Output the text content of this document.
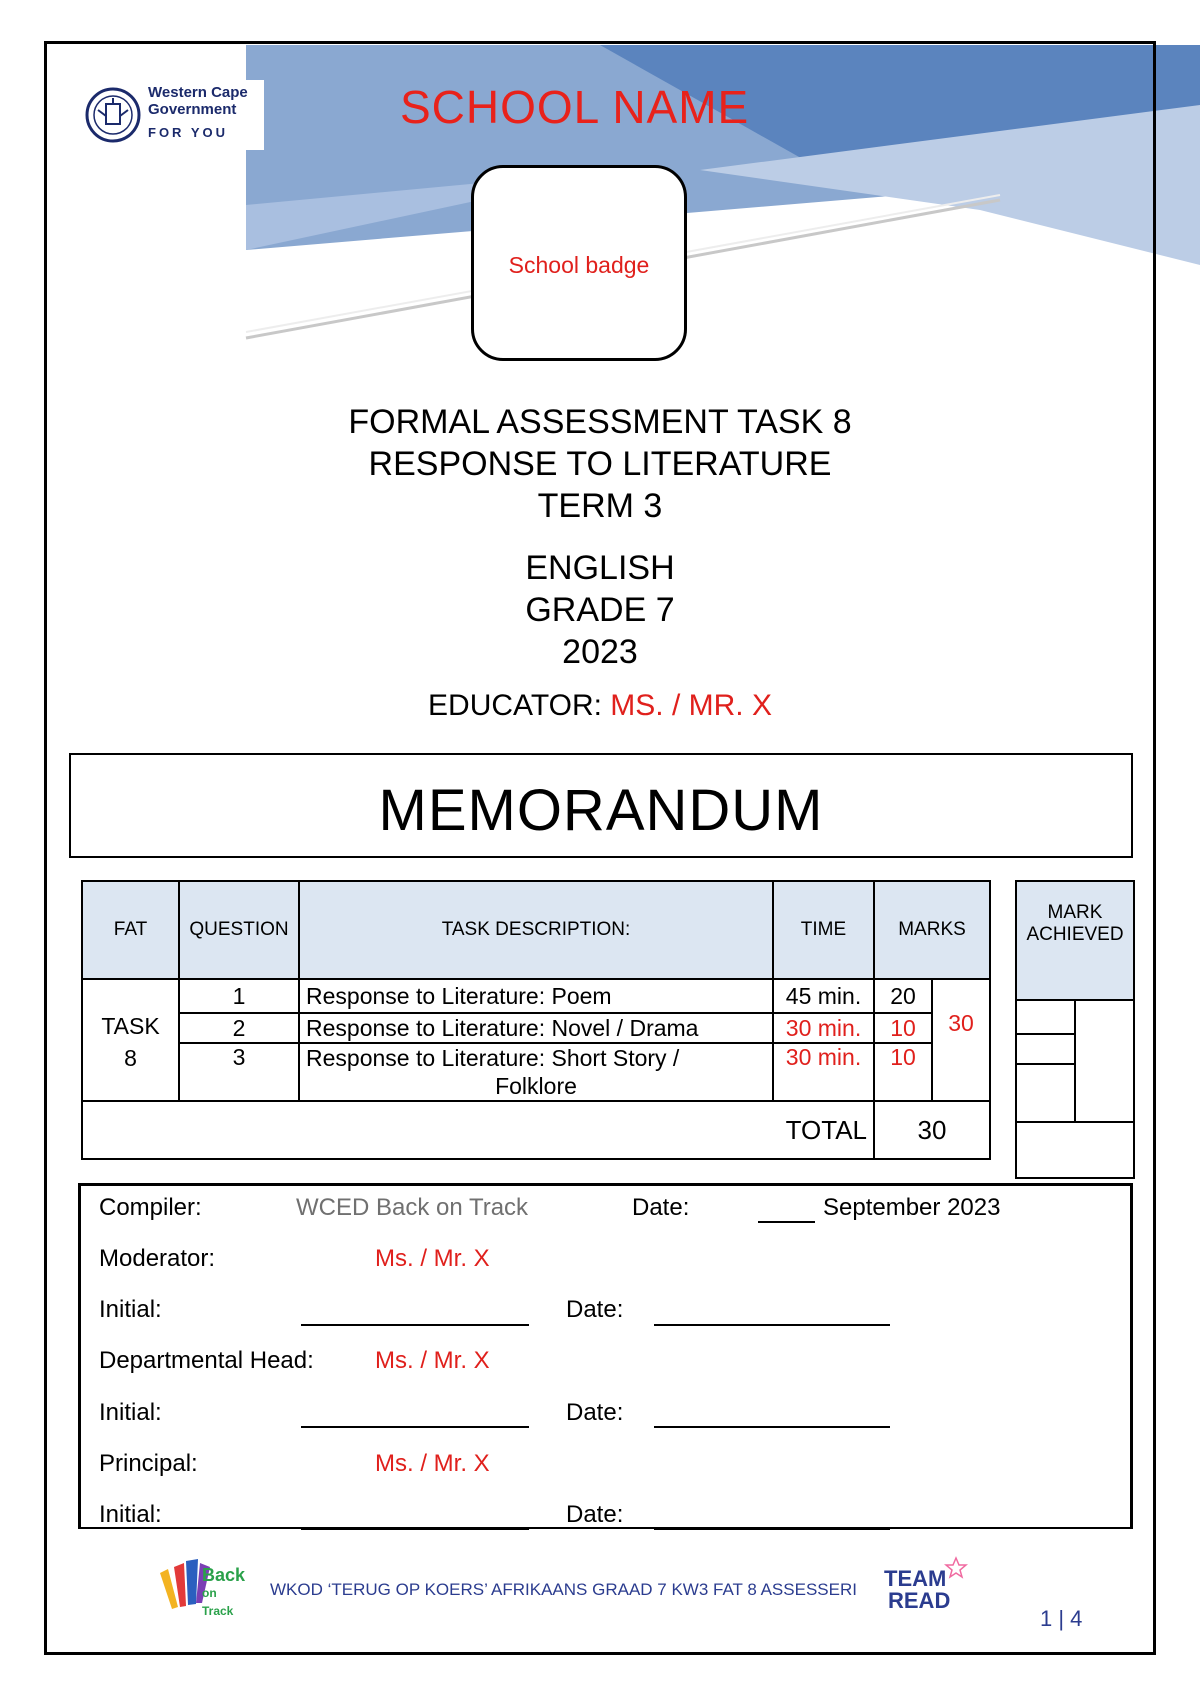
Western Cape
Government
FOR YOU	SCHOOL NAME
School badge
FORMAL ASSESSMENT TASK 8
RESPONSE TO LITERATURE
TERM 3
ENGLISH
GRADE 7
2023
EDUCATOR: MS. / MR. X
MEMORANDUM
FAT	QUESTION	TASK DESCRIPTION:	TIME	MARKS	

TASK
8	1	Response to Literature: Poem	45 min.	20	30
	2	Response to Literature: Novel / Drama	30 min.	10	
	3	Response to Literature: Short Story /
Folklore	30 min.	10	
TOTAL				30	
MARK
ACHIEVED

Compiler:	WCED Back on Track	Date:	September 2023
Moderator:	Ms. / Mr. X
Initial:	Date:
Departmental Head:	Ms. / Mr. X
Initial:	Date:
Principal:	Ms. / Mr. X
Initial:	Date:
Back
on Track
WKOD ‘TERUG OP KOERS’ AFRIKAANS GRAAD 7 KW3 FAT 8 ASSESSERI TEAM
READ
1 | 4
